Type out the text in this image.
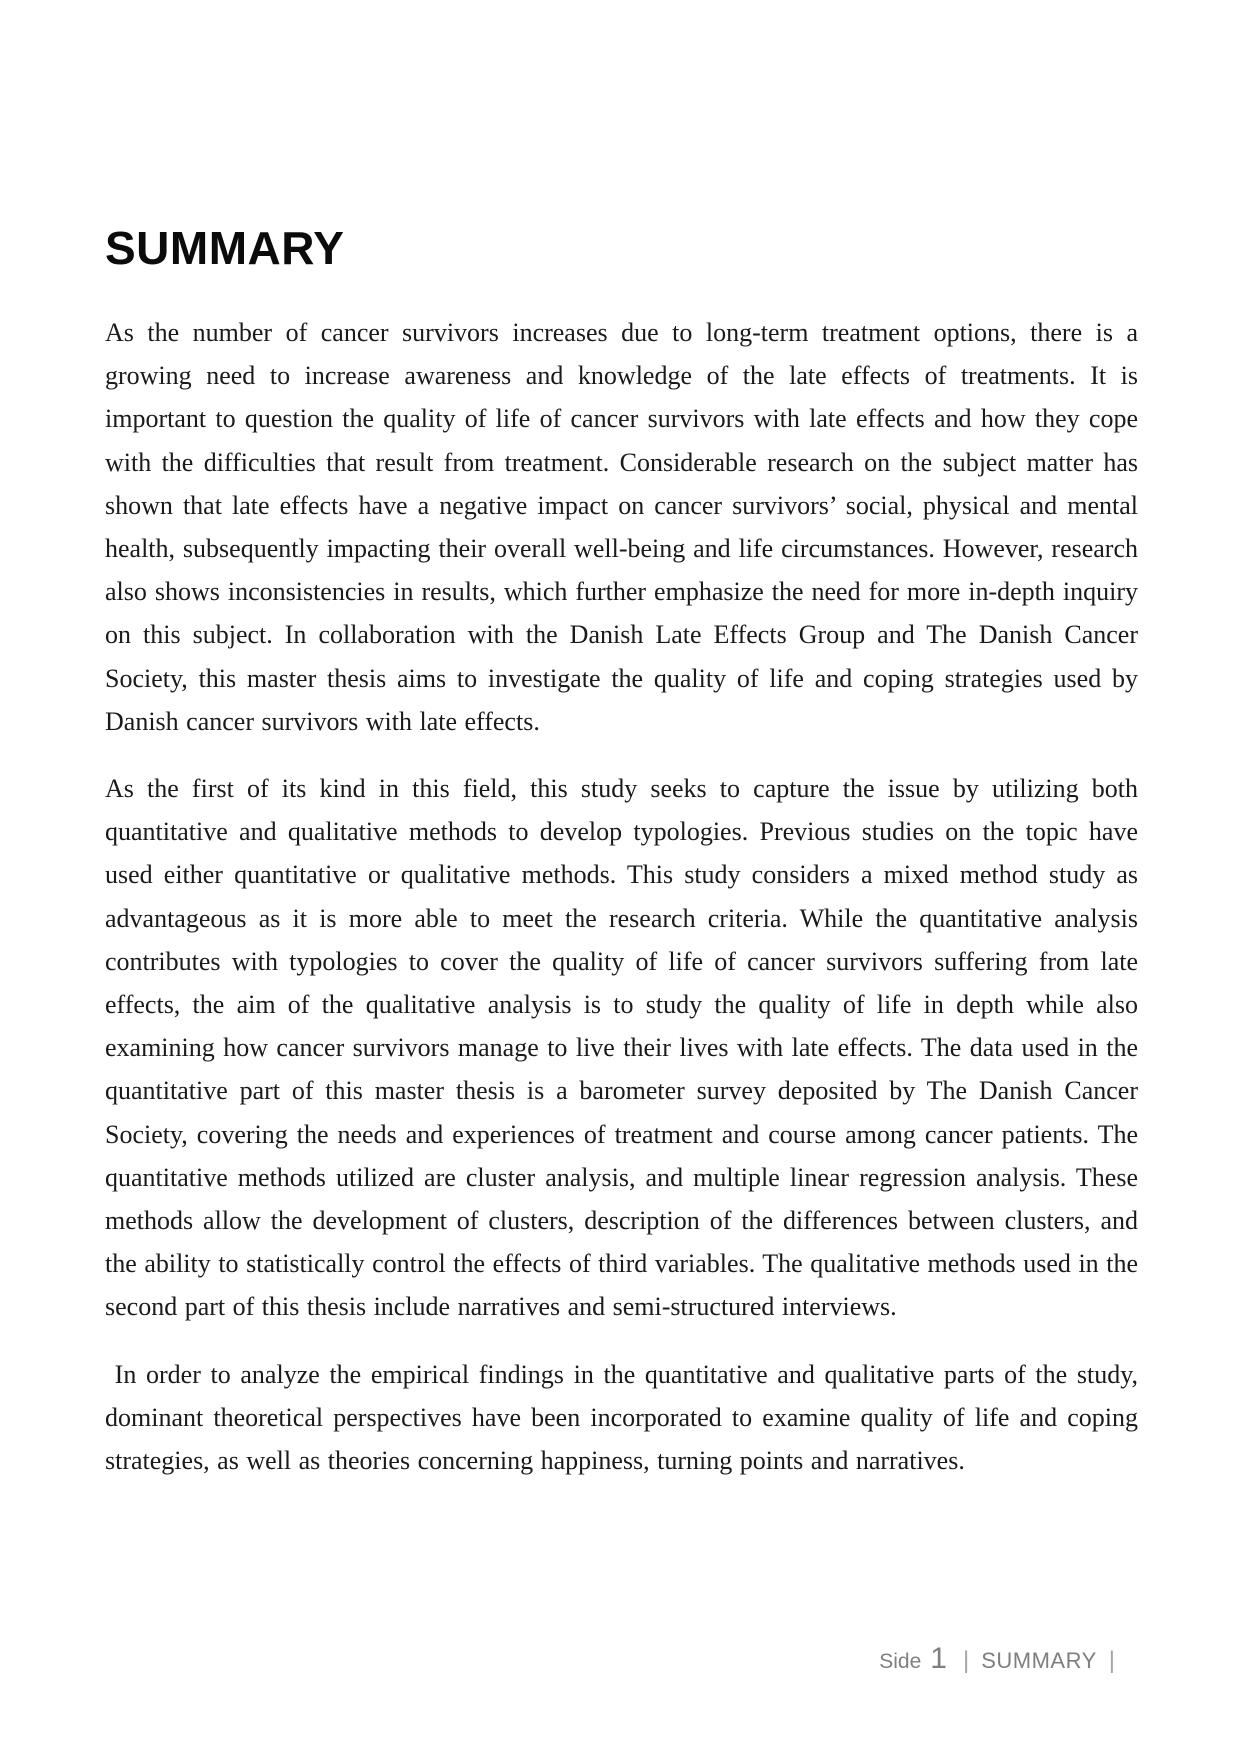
SUMMARY

As the number of cancer survivors increases due to long-term treatment options, there is a growing need to increase awareness and knowledge of the late effects of treatments. It is important to question the quality of life of cancer survivors with late effects and how they cope with the difficulties that result from treatment. Considerable research on the subject matter has shown that late effects have a negative impact on cancer survivors’ social, physical and mental health, subsequently impacting their overall well-being and life circumstances. However, research also shows inconsistencies in results, which further emphasize the need for more in-depth inquiry on this subject. In collaboration with the Danish Late Effects Group and The Danish Cancer Society, this master thesis aims to investigate the quality of life and coping strategies used by Danish cancer survivors with late effects.

As the first of its kind in this field, this study seeks to capture the issue by utilizing both quantitative and qualitative methods to develop typologies. Previous studies on the topic have used either quantitative or qualitative methods. This study considers a mixed method study as advantageous as it is more able to meet the research criteria. While the quantitative analysis contributes with typologies to cover the quality of life of cancer survivors suffering from late effects, the aim of the qualitative analysis is to study the quality of life in depth while also examining how cancer survivors manage to live their lives with late effects. The data used in the quantitative part of this master thesis is a barometer survey deposited by The Danish Cancer Society, covering the needs and experiences of treatment and course among cancer patients. The quantitative methods utilized are cluster analysis, and multiple linear regression analysis. These methods allow the development of clusters, description of the differences between clusters, and the ability to statistically control the effects of third variables. The qualitative methods used in the second part of this thesis include narratives and semi-structured interviews.

In order to analyze the empirical findings in the quantitative and qualitative parts of the study, dominant theoretical perspectives have been incorporated to examine quality of life and coping strategies, as well as theories concerning happiness, turning points and narratives.

Side 1 | SUMMARY |
